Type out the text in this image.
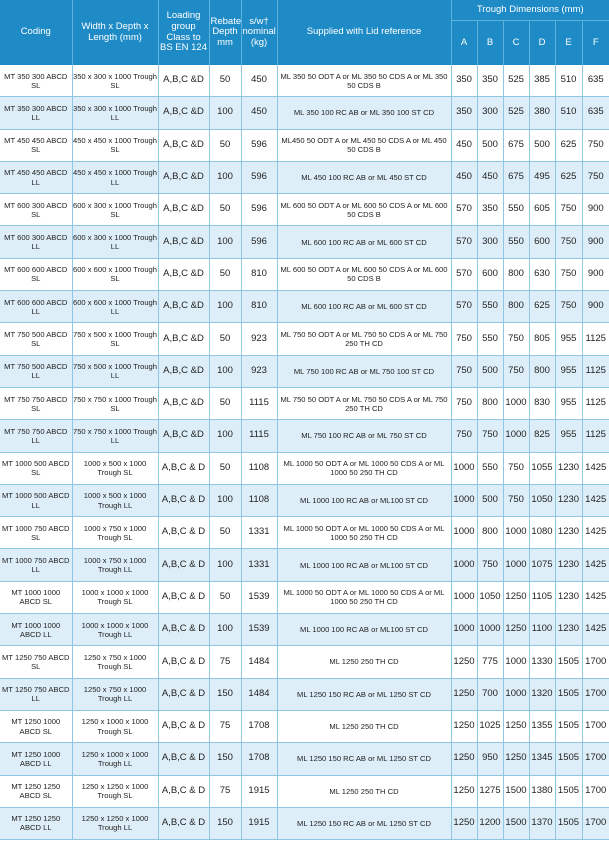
Coding	Width x Depth x Length (mm)	Loading group Class to BS EN 124	Rebate Depth mm	s/w† nominal (kg)	Supplied with Lid reference	Trough Dimensions (mm)					
						A	B	C	D	E	F
MT 350 300 ABCD SL	350 x 300 x 1000 Trough SL	A,B,C &D	50	450	ML 350 50 ODT A or ML 350 50 CDS A or ML 350 50 CDS B	350	350	525	385	510	635
MT 350 300 ABCD LL	350 x 300 x 1000 Trough LL	A,B,C &D	100	450	ML 350 100 RC AB or ML 350 100 ST CD	350	300	525	380	510	635
MT 450 450 ABCD SL	450 x 450 x 1000 Trough SL	A,B,C &D	50	596	ML450 50 ODT A or ML 450 50 CDS A or ML 450 50 CDS B	450	500	675	500	625	750
MT 450 450 ABCD LL	450 x 450 x 1000 Trough LL	A,B,C &D	100	596	ML 450 100 RC AB or ML 450 ST CD	450	450	675	495	625	750
MT 600 300 ABCD SL	600 x 300 x 1000 Trough SL	A,B,C &D	50	596	ML 600 50 ODT A or ML 600 50 CDS A or ML 600 50 CDS B	570	350	550	605	750	900
MT 600 300 ABCD LL	600 x 300 x 1000 Trough LL	A,B,C &D	100	596	ML 600 100 RC AB or ML 600 ST CD	570	300	550	600	750	900
MT 600 600 ABCD SL	600 x 600 x 1000 Trough SL	A,B,C &D	50	810	ML 600 50 ODT A or ML 600 50 CDS A or ML 600 50 CDS B	570	600	800	630	750	900
MT 600 600 ABCD LL	600 x 600 x 1000 Trough LL	A,B,C &D	100	810	ML 600 100 RC AB or ML 600 ST CD	570	550	800	625	750	900
MT 750 500 ABCD SL	750 x 500 x 1000 Trough SL	A,B,C &D	50	923	ML 750 50 ODT A or ML 750 50 CDS A or ML 750 250 TH CD	750	550	750	805	955	1125
MT 750 500 ABCD LL	750 x 500 x 1000 Trough LL	A,B,C &D	100	923	ML 750 100 RC AB or ML 750 100 ST CD	750	500	750	800	955	1125
MT 750 750 ABCD SL	750 x 750 x 1000 Trough SL	A,B,C &D	50	1115	ML 750 50 ODT A or ML 750 50 CDS A or ML 750 250 TH CD	750	800	1000	830	955	1125
MT 750 750 ABCD LL	750 x 750 x 1000 Trough LL	A,B,C &D	100	1115	ML 750 100 RC AB or ML 750 ST CD	750	750	1000	825	955	1125
MT 1000 500 ABCD SL	1000 x 500 x 1000 Trough SL	A,B,C & D	50	1108	ML 1000 50 ODT A or ML 1000 50 CDS A or ML 1000 50 250 TH CD	1000	550	750	1055	1230	1425
MT 1000 500 ABCD LL	1000 x 500 x 1000 Trough LL	A,B,C & D	100	1108	ML 1000 100 RC AB or ML100 ST CD	1000	500	750	1050	1230	1425
MT 1000 750 ABCD SL	1000 x 750 x 1000 Trough SL	A,B,C & D	50	1331	ML 1000 50 ODT A or ML 1000 50 CDS A or ML 1000 50 250 TH CD	1000	800	1000	1080	1230	1425
MT 1000 750 ABCD LL	1000 x 750 x 1000 Trough LL	A,B,C & D	100	1331	ML 1000 100 RC AB or ML100 ST CD	1000	750	1000	1075	1230	1425
MT 1000 1000 ABCD SL	1000 x 1000 x 1000 Trough SL	A,B,C & D	50	1539	ML 1000 50 ODT A or ML 1000 50 CDS A or ML 1000 50 250 TH CD	1000	1050	1250	1105	1230	1425
MT 1000 1000 ABCD LL	1000 x 1000 x 1000 Trough LL	A,B,C & D	100	1539	ML 1000 100 RC AB or ML100 ST CD	1000	1000	1250	1100	1230	1425
MT 1250 750 ABCD SL	1250 x 750 x 1000 Trough SL	A,B,C & D	75	1484	ML 1250 250 TH CD	1250	775	1000	1330	1505	1700
MT 1250 750 ABCD LL	1250 x 750 x 1000 Trough LL	A,B,C & D	150	1484	ML 1250 150 RC AB or ML 1250 ST CD	1250	700	1000	1320	1505	1700
MT 1250 1000 ABCD SL	1250 x 1000 x 1000 Trough SL	A,B,C & D	75	1708	ML 1250 250 TH CD	1250	1025	1250	1355	1505	1700
MT 1250 1000 ABCD LL	1250 x 1000 x 1000 Trough LL	A,B,C & D	150	1708	ML 1250 150 RC AB or ML 1250 ST CD	1250	950	1250	1345	1505	1700
MT 1250 1250 ABCD SL	1250 x 1250 x 1000 Trough SL	A,B,C & D	75	1915	ML 1250 250 TH CD	1250	1275	1500	1380	1505	1700
MT 1250 1250 ABCD LL	1250 x 1250 x 1000 Trough LL	A,B,C & D	150	1915	ML 1250 150 RC AB or ML 1250 ST CD	1250	1200	1500	1370	1505	1700
